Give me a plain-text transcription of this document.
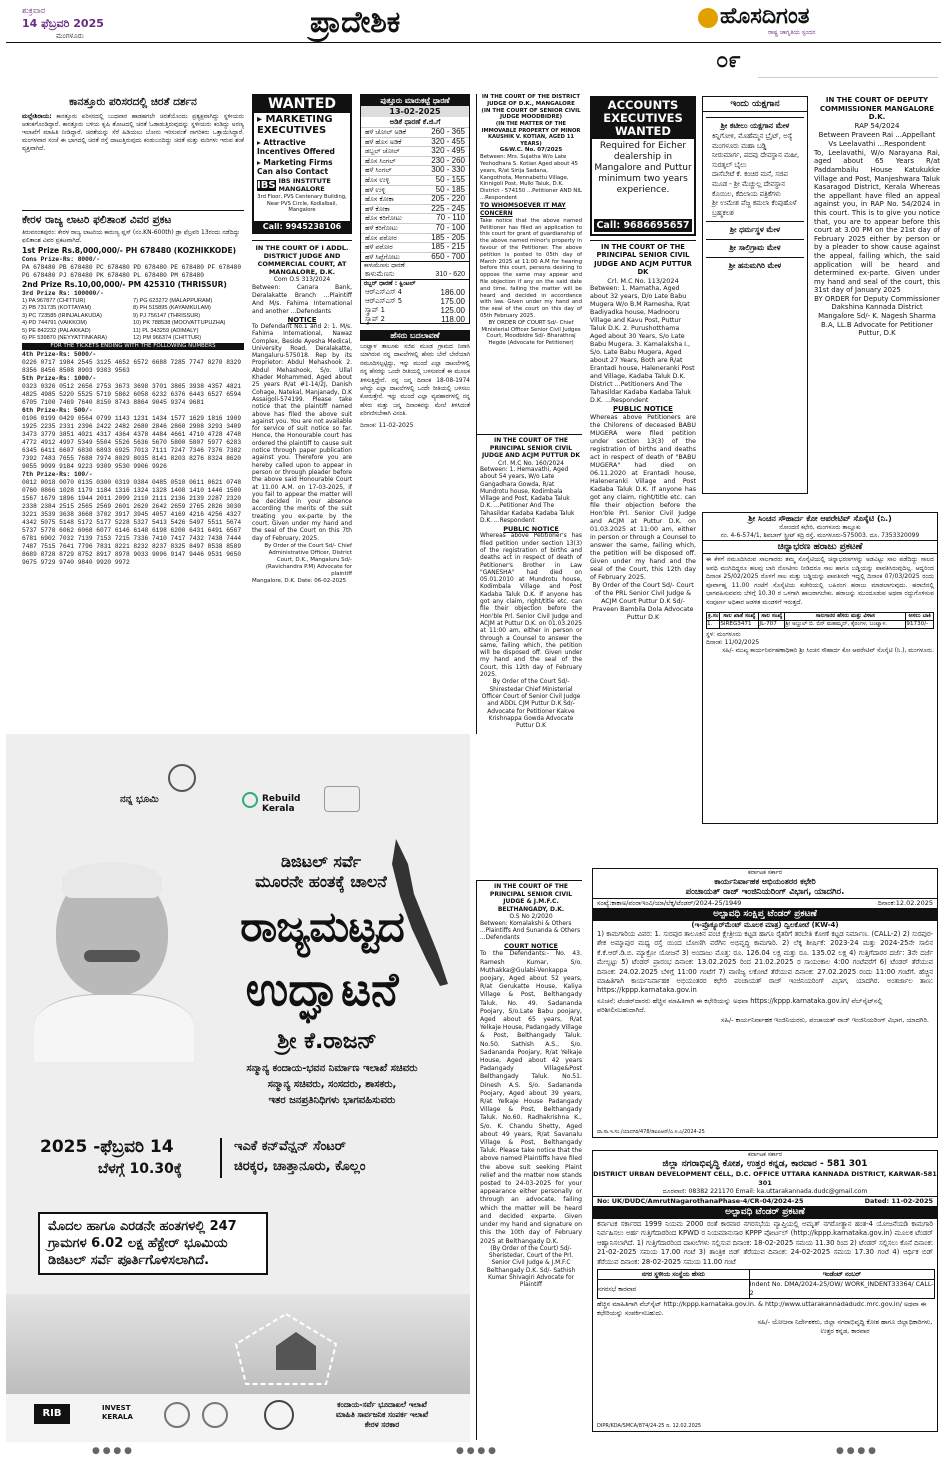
ಶುಕ್ರವಾರ
14 ಫೆಬ್ರವರಿ 2025
ಮಂಗಳೂರು	ಪ್ರಾದೇಶಿಕ	ಹೊಸದಿಗಂತ
ರಾಷ್ಟ್ರ ಜಾಗೃತಿಯ ಸ್ಪಂದನ
೦೯
ಕಾನತ್ತೂರು ಪರಿಸರದಲ್ಲಿ ಚಿರತೆ ದರ್ಶನ
ಮಲ್ಲೇಶಿರಾಯ: ಕಾನತ್ತೂರು ಪರಿಸರದಲ್ಲಿ ಬುಧವಾರ ಹಾಡಹಗಲೇ ಚಿರತೆಯೊಂದು ಪ್ರತ್ಯಕ್ಷವಾಗಿದ್ದು ಸ್ಥಳೀಯರು ಆತಂಕಗೊಂಡಿದ್ದಾರೆ. ಕಾನತ್ತೂರು ಬಳಿಯ ಕೃಷಿ ತೋಟದಲ್ಲಿ ಚಿರತೆ ಓಡಾಡುತ್ತಿರುವುದನ್ನು ಸ್ಥಳೀಯರು ಕಂಡಿದ್ದು ಅರಣ್ಯ ಇಲಾಖೆಗೆ ಮಾಹಿತಿ ನೀಡಿದ್ದಾರೆ. ಚಿರತೆಯನ್ನು ಸೆರೆ ಹಿಡಿಯಲು ಬೋನು ಇರಿಸುವಂತೆ ನಾಗರಿಕರು ಒತ್ತಾಯಿಸಿದ್ದಾರೆ. ಮಂಗಳವಾರ ಸಂಜೆ ಈ ಭಾಗದಲ್ಲಿ ಚಿರತೆ ರಸ್ತೆ ದಾಟುತ್ತಿರುವುದು ಕಂಡುಬಂದಿದ್ದು ಚಿರತೆ ಮತ್ತು ಮರಿಗಳು ಇರುವ ಶಂಕೆ ವ್ಯಕ್ತವಾಗಿದೆ.
ಕೇರಳ ರಾಜ್ಯ ಲಾಟರಿ ಫಲಿತಾಂಶ ವಿವರ ಪ್ರಕಟ
ತಿರುವನಂತಪುರಂ: ಕೇರಳ ರಾಜ್ಯ ಲಾಟರಿಯ ಕಾರುಣ್ಯ ಪ್ಲಸ್ (ನಂ.KN-600th) ಡ್ರಾ ಫೆಬ್ರವರಿ 13ರಂದು ನಡೆದಿದ್ದು ಫಲಿತಾಂಶ ವಿವರ ಪ್ರಕಟವಾಗಿದೆ.
1st Prize Rs.8,000,000/- PH 678480 (KOZHIKKODE)
Cons Prize-Rs: 8000/-
PA 678480 PB 678480 PC 678480 PD 678480 PE 678480 PF 678480 PG 678480 PJ 678480 PK 678480 PL 678480 PM 678480
2nd Prize Rs.10,00,000/- PM 425310 (THRISSUR)
3rd Prize Rs: 100000/-
1) PA 967877 (CHITTUR)	7) PG 623272 (MALAPPURAM)
2) PB 731735 (KOTTAYAM)	8) PH 515895 (KAYAMKULAM)
3) PC 723585 (IRINJALAKUDA)	9) PJ 756147 (THRISSUR)
4) PD 744791 (VAIKKOM)	10) PK 788538 (MOOVATTUPUZHA)
5) PE 842232 (PALAKKAD)	11) PL 343259 (ADIMALY)
6) PF 539870 (NEYYATTINKARA)	12) PM 966374 (CHITTUR)
FOR THE TICKETS ENDING WITH THE FOLLOWING NUMBERS
4th Prize-Rs: 5000/-
0226 0717 1984 2545 3125 4652 6572 6688 7285 7747 8270 8329 8356 8456 8508 8903 9303 9563
5th Prize-Rs: 1000/-
0323 0326 0512 2656 2753 3673 3698 3701 3865 3938 4357 4821 4825 4985 5220 5525 5719 5862 6058 6232 6376 6443 6527 6594 6705 7100 7469 7640 8150 8743 8864 9045 9374 9681
6th Prize-Rs: 500/-
0106 0199 0429 0564 0799 1143 1231 1434 1577 1629 1816 1909 1925 2235 2331 2396 2422 2482 2680 2846 2860 2908 3293 3409 3473 3779 3851 4021 4317 4364 4378 4484 4661 4710 4728 4748 4772 4912 4997 5349 5504 5526 5636 5670 5800 5807 5977 6283 6345 6411 6607 6830 6893 6925 7013 7111 7247 7346 7376 7382 7392 7483 7655 7688 7974 8029 8035 8141 8203 8276 8324 8620 9055 9099 9184 9223 9309 9530 9906 9926
7th Prize-Rs: 100/-
0012 0018 0070 0135 0300 0319 0384 0485 0510 0611 0621 0748 0760 0866 1028 1179 1184 1316 1324 1328 1408 1410 1446 1500 1567 1679 1896 1944 2011 2099 2110 2111 2136 2139 2287 2320 2338 2384 2515 2565 2569 2601 2620 2642 2659 2765 2826 3030 3221 3539 3638 3668 3702 3917 3945 4057 4169 4216 4256 4327 4342 5075 5148 5172 5177 5228 5327 5413 5426 5497 5511 5674 5737 5778 6062 6068 6077 6146 6148 6198 6200 6431 6491 6567 6781 6902 7032 7139 7153 7215 7336 7410 7417 7432 7438 7444 7487 7515 7641 7796 7831 8221 8232 8237 8325 8497 8538 8589 8689 8728 8729 8752 8917 8978 9033 9096 9147 9446 9531 9650 9675 9729 9740 9840 9920 9972
WANTED
▸ MARKETING EXECUTIVES
▸ Attractive Incentives Offered
▸ Marketing Firms Can also Contact
IBS IBS INSTITUTE MANGALORE
3rd Floor, PVS Centenary Building, Near PVS Circle, Kodialbail, Mangalore
Call: 9945238106
IN THE COURT OF I ADDL. DISTRICT JUDGE AND COMMERCIAL COURT, AT MANGALORE, D.K.
Com O.S 313/2024
Between: Canara Bank, Deralakatte Branch ...Plaintiff And M/s. Fahima International and another ...Defendants
NOTICE
To Defendant No.1 and 2: 1. M/s. Fahima International, Nawaz Complex, Beside Ayesha Medical, University Road, Deralakatte, Mangaluru-575018. Rep by its Proprietor: Abdul Mehashook 2. Abdul Mehashook, S/o. Ullal Khader Mohammed, Aged about 25 years R/at #1-14/2J, Danish Cohage, Natekal, Manjanady, D.K Assaigoli-574199. Please take notice that the plaintiff named above has filed the above suit against you. You are not available for service of suit notice so far. Hence, the Honourable court has ordered the plaintiff to cause suit notice through paper publication against you. Therefore you are hereby called upon to appear in person or through pleader before the above said Honourable Court at 11.00 A.M. on 17-03-2025, if you fail to appear the matter will be decided in your absence according the merits of the suit treating you ex-parte by the court. Given under my hand and the seal of the Court on this 7th day of February, 2025.
By Order of the Court Sd/- Chief Administrative Officer, District Court, D.K., Mangaluru Sd/- (Ravichandra P.M) Advocate for plaintiff
Mangalore, D.K. Date: 06-02-2025
ಪುತ್ತೂರು ಮಾರುಕಟ್ಟೆ ಧಾರಣೆ
13-02-2025
ಅಡಿಕೆ ಧಾರಣೆ ಕೆ.ಜಿ.ಗೆ
ಹಳೆ ಚೋಲ್ ಅಡಿಕೆ	260 - 365
ಹಳೆ ಹೊಸ ಅಡಿಕೆ	320 - 455
ಡಬ್ಬಲ್ ಚೋಲ್	320 - 495
ಹೊಸ ಸಿಂಗಲ್	230 - 260
ಹಳೆ ಸಿಂಗಲ್	300 - 330
ಹೊಸ ಉಳ್ಳಿ	50 - 155
ಹಳೆ ಉಳ್ಳಿ	50 - 185
ಹೊಸ ಕೋಕಾ	205 - 220
ಹಳೆ ಕೋಕಾ	225 - 245
ಹೊಸ ಕರಿಗೋಟು	70 - 110
ಹಳೆ ಕರಿಗೋಟು	70 - 100
ಹೊಸ ಪಠೋರ	185 - 205
ಹಳೆ ಪಠೋರ	185 - 215
ಹಳೆ ಸಿಪ್ಪೆಗೋಟು	650 - 700
ಕಾಳುಮೆಣಸು ಧಾರಣೆ
ಕಾಳುಮೆಣಸು	310 - 620
ರಬ್ಬರ್ ಧಾರಣೆ : ಕ್ವಿಂಟಲ್
ಆರ್‌ಎಸ್‌ಎಸ್ 4	186.00
ಆರ್‌ಎಸ್‌ಎಸ್ 5	175.00
ಸ್ಕ್ರಾಪ್ 1	125.00
ಸ್ಕ್ರಾಪ್ 2	118.00
ಹೆಸರು ಬದಲಾವಣೆ
ಬಂಟ್ವಾಳ ತಾಲೂಕು ಸಜಿಪ ಮೂಡ ಗ್ರಾಮದ ನಿವಾಸಿ ಯಾಗಿರುವ ನನ್ನ ದಾಖಲೆಗಳಲ್ಲಿ ಹೆಸರು ಬೇರೆ ಬೇರೆಯಾಗಿ ನಮೂದಿಸಲ್ಪಟ್ಟಿದ್ದು, ಇನ್ನು ಮುಂದೆ ಎಲ್ಲಾ ದಾಖಲೆಗಳಲ್ಲಿ ನನ್ನ ಹೆಸರನ್ನು ಒಂದೇ ರೀತಿಯಲ್ಲಿ ಬಳಸುವಂತೆ ಈ ಮೂಲಕ ತಿಳಿಸುತ್ತಿದ್ದೇನೆ. ನನ್ನ ಜನ್ಮ ದಿನಾಂಕ 18-08-1974 ಆಗಿದ್ದು ಎಲ್ಲಾ ದಾಖಲೆಗಳಲ್ಲಿ ಒಂದೇ ರೀತಿಯಲ್ಲಿ ಬಳಸಲು ಕೋರುತ್ತೇನೆ. ಇನ್ನು ಮುಂದೆ ಎಲ್ಲಾ ವ್ಯವಹಾರಗಳಲ್ಲಿ ನನ್ನ ಹೆಸರು ಮತ್ತು ಜನ್ಮ ದಿನಾಂಕವನ್ನು ಮೇಲೆ ತಿಳಿಸಿದಂತೆ ಪರಿಗಣಿಸಬೇಕಾಗಿ ವಿನಂತಿ.
ದಿನಾಂಕ: 11-02-2025
IN THE COURT OF THE DISTRICT JUDGE OF D.K., MANGALORE
(IN THE COURT OF SENIOR CIVIL JUDGE MOODBIDRE)
(IN THE MATTER OF THE IMMOVABLE PROPERTY OF MINOR KAUSHIK V. KOTIAN, AGED 11 YEARS)
G&W.C. No. 07/2025
Between: Mrs. Sujatha W/o Late Yeshodhara S. Kotian Aged about 45 years, R/at Sirija Sadana, Kangothota, Mennabettu Village, Kinnigoli Post, Mulki Taluk, D.K. District - 574150 ...Petitioner AND NIL ...Respondent
TO WHOMSOEVER IT MAY CONCERN
Take notice that the above named Petitioner has filed an application to this court for grant of guardianship of the above named minor's property in favour of the Petitioner. The above petition is posted to 05th day of March 2025 at 11:00 A.M for hearing before this court, persons desiring to oppose the same may appear and file objection if any on the said date and time, failing the matter will be heard and decided in accordance with law. Given under my hand and the seal of the court on this day of 05th February 2025.
BY ORDER OF COURT Sd/- Chief Ministerial Officer Senior Civil Judges Court, Moodbidre Sd/- Bharathraj Hegde (Advocate for Petitioner)
IN THE COURT OF THE PRINCIPAL SENIOR CIVIL JUDGE AND ACJM PUTTUR DK
Crl. M.C No. 160/2024
Between: 1. Hemavathi, Aged about 54 years, W/o Late Gangadhara Gowda, R/at Mundrotu house, Kodimbala Village and Post, Kadaba Taluk D.K. ...Petitioner And The Tahasildar Kadaba Kadaba Taluk D.K. ...Respondent
PUBLIC NOTICE
Whereas above Petitioner's has filed petition under section 13(3) of the registration of births and deaths act in respect of death of Petitioner's Brother in Law "GANESHA" had died on 05.01.2010 at Mundrotu house, Kodimbala Village and Post Kadaba Taluk D.K. If anyone has got any claim, right/title etc. can file their objection before the Hon'ble Prl. Senior Civil Judge and ACJM at Puttur D.K. on 01.03.2025 at 11:00 am, either in person or through a Counsel to answer the same, failing which, the petition will be disposed off. Given under my hand and the seal of the Court, this 12th day of February 2025.
By Order of the Court Sd/- Shirestedar Chief Ministerial Officer Court of Senior Civil Judge and ADDL CJM Puttur D.K Sd/- Advocate for Petitioner Kakve Krishnappa Gowda Advocate Puttur D.K
IN THE COURT OF THE PRINCIPAL SENIOR CIVIL JUDGE & J.M.F.C. BELTHANGADY, D.K.
O.S No 2/2020
Between: Komalakshi & Others ...Plaintiffs And Sunanda & Others ...Defendants
COURT NOTICE
To the Defendants:- No. 43. Ramesh Kumar, S/o. Muthakka@Gulabi-Venkappa poojary, Aged about 52 years, R/at Gerukatte House, Kaliya Village & Post, Belthangady Taluk. No. 49. Sadananda Poojary, S/o.Late Babu poojary, Aged about 65 years, R/at Yelkaje House, Padangady Village & Post, Belthangady Taluk. No.50. Sathish A.S., S/o. Sadananda Poojary, R/at Yelkaje House, Aged about 42 years Padangady Village&Post Belthangady Taluk. No.51. Dinesh A.S. S/o. Sadananda Poojary, Aged about 39 years, R/at Yelkaje House Padangady Village & Post, Belthangady Taluk. No.60. Radhakrishna K., S/o. K. Chandu Shetty, Aged about 49 years, R/at Savanalu Village & Post, Belthangady Taluk. Please take notice that the above named Plaintiffs have filed the above suit seeking Plaint relief and the matter now stands posted to 24-03-2025 for your appearance either personally or through an advocate, failing which the matter will be heard and decided exparte. Given under my hand and signature on this the 10th day of February 2025 at Belthangady D.K.
(By Order of the Court) Sd/- Sheristedar, Court of the Prl. Senior Civil Judge & J.M.F.C Belthangady D.K. Sd/- Sathish Kumar Shivagiri Advocate for Plaintiff
ACCOUNTS EXECUTIVES WANTED
Required for Eicher dealership in Mangalore and Puttur minimum two years experience.
Call: 9686695657
IN THE COURT OF THE PRINCIPAL SENIOR CIVIL JUDGE AND ACJM PUTTUR DK
Crl. M.C No. 113/2024
Between: 1. Mamatha, Aged about 32 years, D/o Late Babu Mugera W/o B.M Ramesha, R/at Badiyadka house, Madnooru Village and Kavu Post, Puttur Taluk D.K. 2. Purushotthama Aged about 30 Years, S/o Late Babu Mugera. 3. Kamalaksha I., S/o. Late Babu Mugera, Aged about 27 Years, Both are R/at Erantadi house, Haleneranki Post and Village, Kadaba Taluk D.K. District ...Petitioners And The Tahasildar Kadaba Kadaba Taluk D.K. ...Respondent
PUBLIC NOTICE
Whereas above Petitioners are the Chilorens of deceased BABU MUGERA were filed petition under section 13(3) of the registration of births and deaths act in respect of death of "BABU MUGERA" had died on 06.11.2020 at Erantadi house, Haleneranki Village and Post Kadaba Taluk D.K. If anyone has got any claim, right/title etc. can file their objection before the Hon'ble Prl. Senior Civil Judge and ACJM at Puttur D.K. on 01.03.2025 at 11:00 am, either in person or through a Counsel to answer the same, failing which, the petition will be disposed off. Given under my hand and the seal of the Court, this 12th day of February 2025.
By Order of the Court Sd/- Court of the PRL Senior Civil Judge & ACJM Court Puttur D.K Sd/- Praveen Bambila Dola Advocate Puttur D.K
ಇಂದು ಯಕ್ಷಗಾನ
ಶ್ರೀ ಕಟೀಲು ಯಕ್ಷಗಾನ ಮೇಳ
ಕಿನ್ನಿಗೋಳಿ, ಮೊಹೆಮ್ಮನ ಬ್ರೈಟ್, ಅಸ್ಯೆ ಮಂಗಳೂರು ಮಹಾ ಬಡ್ಡಿ
ನೀರುಮಾರ್ಗ, ಪದವು ದೇವಸ್ಥಾನ ಮಹೀ, ಸುರತ್ಕಲ್ ಬೈಲು
ದಾಸೆಬೇಟೆ ಕೆ. ಕಂಚಿರ ಮನೆ, ಸಜಿಪ ಮೂಡ - ಶ್ರೀ ಮೆಚ್ಚುಲ್ಲ ದೇವಸ್ಥಾನ
ಕೊಯಿಲ, ಕೆದಿಲಾಯ ಪತ್ರಿಕೆಗಳು
ಶ್ರೀ ಉಮೇಶ ಪೆಜ್ಜ ಕಮಲಾ ಕೆಂಪುಹೊಳೆ ಬ್ರಹ್ಮಕಲಶ
ಶ್ರೀ ಧರ್ಮಸ್ಥಳ ಮೇಳ
ಶ್ರೀ ಸಾಲಿಗ್ರಾಮ ಮೇಳ
ಶ್ರೀ ಹನುಮಗಿರಿ ಮೇಳ
IN THE COURT OF DEPUTY COMMISSIONER MANGALORE D.K.
RAP 54/2024
Between Praveen Rai ...Appellant Vs Leelavathi ...Respondent
To, Leelavathi, W/o Narayana Rai, aged about 65 Years R/at Paddambailu House Katukukke Village and Post, Manjeshwara Taluk Kasaragod District, Kerala Whereas the appellant have filed an appeal against you, in RAP No. 54/2024 in this court. This is to give you notice that, you are to appear before this court at 3.00 PM on the 21st day of February 2025 either by person or by a pleader to show cause against the appeal, failing which, the said application will be heard and determined ex-parte. Given under my hand and seal of the court, this 31st day of January 2025
BY ORDER for Deputy Commissioner Dakshina Kannada District Mangalore Sd/- K. Nagesh Sharma B.A, LL.B Advocate for Petitioner Puttur, D.K
ಶ್ರೀ ಸಿಂಚನ ಸೌಹಾರ್ದ ಕೋ ಆಪರೇಟಿವ್ ಸೊಸೈಟಿ (ನಿ.)
ನೋಂದಣಿ ಕಛೇರಿ, ಮಂಗಳೂರು ತಾಲ್ಲೂಕು
ನಂ. 4-6-574/1, ಶಿವಬಾಗ್ ಸ್ಟ್ರೀಟ್ ಕದ್ರಿ ರಸ್ತೆ, ಮಂಗಳೂರು-575003. ದೂ. 7353320099
ಚಿನ್ನಾಭರಣ ಹರಾಜು ಪ್ರಕಟಣೆ
ಈ ಕೆಳಗೆ ನಮೂದಿಸಿರುವ ಸಾಲಗಾರರು ತಮ್ಮ ಸೊಸೈಟಿಯಲ್ಲಿ ಚಿನ್ನಾಭರಣಗಳನ್ನು ಅಡವಿಟ್ಟು ಸಾಲ ಪಡೆದಿದ್ದು ಸಾಲದ ಅವಧಿ ಮುಗಿದಿದ್ದರೂ ಹಲವು ಬಾರಿ ನೋಟೀಸು ನೀಡಿದರೂ ಸಾಲ ಹಾಗೂ ಬಡ್ಡಿಯನ್ನು ಪಾವತಿಸಿರುವುದಿಲ್ಲ. ಆದ್ದರಿಂದ ದಿನಾಂಕ 25/02/2025 ರೊಳಗೆ ಸಾಲ ಮತ್ತು ಬಡ್ಡಿಯನ್ನು ಪಾವತಿಸದೇ ಇದ್ದಲ್ಲಿ ದಿನಾಂಕ 07/03/2025 ರಂದು ಪೂರ್ವಾಹ್ನ 11.00 ಗಂಟೆಗೆ ಸೊಸೈಟಿಯ ಕಚೇರಿಯಲ್ಲಿ ಬಹಿರಂಗ ಹರಾಜು ಮಾಡಲಾಗುವುದು. ಹರಾಜಿನಲ್ಲಿ ಭಾಗವಹಿಸುವವರು ಬೆಳಿಗ್ಗೆ 10.30 ರ ಒಳಗಾಗಿ ಹಾಜರಾಗಬೇಕು. ಹರಾಜನ್ನು ಮುಂದೂಡುವ ಅಥವಾ ರದ್ದುಗೊಳಿಸುವ ಸಂಪೂರ್ಣ ಅಧಿಕಾರ ಆಡಳಿತ ಮಂಡಳಿಗೆ ಇರುತ್ತದೆ.
ಕ್ರ.ಸಂ	ಸಾಲ ಖಾತೆ ಸಂಖ್ಯೆ	ಸಾಲ ಸಂಖ್ಯೆ	ಸಾಲಗಾರರ ಹೆಸರು ಮತ್ತು ವಿಳಾಸ	ಅಸಲು ಬಾಕಿ
1.	SIREG3471	JL-707	ಶ್ರೀ ಅಬ್ದುಲ್ ಬಿ. ಬಿನ್ ಮಹಮ್ಮದ್, ಕೈರಂಗಳ, ಬಂಟ್ವಾಳ.	91730/-
ಸ್ಥಳ: ಮಂಗಳೂರು
ದಿನಾಂಕ: 11/02/2025
ಸಹಿ/- ಮುಖ್ಯ ಕಾರ್ಯನಿರ್ವಹಣಾಧಿಕಾರಿ ಶ್ರೀ ಸಿಂಚನ ಸೌಹಾರ್ದ ಕೋ ಆಪರೇಟಿವ್ ಸೊಸೈಟಿ (ನಿ.), ಮಂಗಳೂರು.
ಕರ್ನಾಟಕ ಸರ್ಕಾರ
ಕಾರ್ಯನಿರ್ವಾಹಕ ಅಭಿಯಂತರರ ಕಛೇರಿ
ಪಂಚಾಯತ್ ರಾಜ್ ಇಂಜಿನಿಯರಿಂಗ್ ವಿಭಾಗ, ಯಾದಗಿರ.
ಸಂಖ್ಯೆ:ಕಾಕಾಅ/ಪಂರಾಇಂವಿ/ಯಾ/ಲೆಕ್ಕ/ಟೆಂಡರ್/2024-25/1949	ದಿನಾಂಕ:12.02.2025
ಅಲ್ಪಾವಧಿ ಸಂಕ್ಷಿಪ್ತ ಟೆಂಡರ್ ಪ್ರಕಟಣೆ
(ಇ-ಪ್ರೊಕ್ಯೂರ್‌ಮೆಂಟ್ ಮೂಲಕ ಮಾತ್ರ) ದ್ವಿಲಕೋಟೆ (KW-4)
1) ಕಾಮಗಾರಿಯ ವಿವರ: 1. ಸುರಪುರ ತಾಲೂಕಿನ ಪಂಚ ಕ್ಷೇತ್ರೀಯ ಕಟ್ಟಡ ಹಾಗೂ ರೈತರಿಗೆ ತರಬೇತಿ ಕೋಣೆ ಕಟ್ಟಡ ನಿರ್ಮಾಣ. (CALL-2) 2) ಸುರಪುರ-ಶೇಕ ಅಮ್ಮಾಪುರ ಮಧ್ಯ ರಸ್ತೆ ಯಿಂದ ಬೋಣಿಗಿ ವರೆಗಿನ ಅಭಿವೃದ್ಧಿ ಕಾಮಗಾರಿ. 2) ಲೆಕ್ಕ ಶೀರ್ಷಿಕೆ: 2023-24 ಮತ್ತು 2024-25ನೇ ಸಾಲಿನ ಕೆ.ಕೆ.ಆರ್.ಡಿ.ಬಿ. ಮ್ಯಾಕ್ರೋ ಯೋಜನೆ 3) ಅಂದಾಜು ಮೊತ್ತ: ರೂ. 126.04 ಲಕ್ಷ ಮತ್ತು ರೂ. 135.02 ಲಕ್ಷ 4) ಗುತ್ತಿಗೆದಾರರ ದರ್ಜೆ: 3ನೇ ದರ್ಜೆ ಮೇಲ್ಪಟ್ಟು 5) ಟೆಂಡರ್ ಪ್ರಾರಂಭ ದಿನಾಂಕ: 13.02.2025 ರಿಂದ 21.02.2025 ರ ಸಾಯಂಕಾಲ 4:00 ಗಂಟೆವರೆಗೆ 6) ಟೆಂಡರ್ ತೆರೆಯುವ ದಿನಾಂಕ: 24.02.2025 ಬೆಳಿಗ್ಗೆ 11:00 ಗಂಟೆಗೆ 7) ವಾಣಿಜ್ಯ ಲಕೋಟೆ ತೆರೆಯುವ ದಿನಾಂಕ: 27.02.2025 ರಂದು 11:00 ಗಂಟೆಗೆ. ಹೆಚ್ಚಿನ ಮಾಹಿತಿಗಾಗಿ ಕಾರ್ಯನಿರ್ವಾಹಕ ಅಭಿಯಂತರರ ಕಛೇರಿ ಪಂಚಾಯತ್ ರಾಜ್ ಇಂಜಿನಿಯರಿಂಗ್ ವಿಭಾಗ, ಯಾದಗಿರ. ಅಂತರ್ಜಾಲ ತಾಣ: https://kppp.karnataka.gov.in
ಸೂಚನೆ: ಟೆಂಡರ್‌ದಾರರು ಹೆಚ್ಚಿನ ಮಾಹಿತಿಗಾಗಿ ಈ ಕಛೇರಿಯನ್ನು ಅಥವಾ https://kppp.karnataka.gov.in/ ವೆಬ್‌ಸೈಟ್‌ನಲ್ಲಿ ಪರಿಶೀಲಿಸಬಹುದಾಗಿದೆ.
ಸಹಿ/- ಕಾರ್ಯನಿರ್ವಾಹಕ ಇಂಜಿನಿಯರರು, ಪಂಚಾಯತ್ ರಾಜ್ ಇಂಜಿನಿಯರಿಂಗ್ ವಿಭಾಗ, ಯಾದಗಿರಿ.
ವಾ.ಸಾ.ಇ.ಸಂ./ಯಾದಗಿರಿ/478/ಡಿಐಪಿಆರ್/ಎ.ಸಿ.ಎ/2024-25
ಕರ್ನಾಟಕ ಸರ್ಕಾರ
ಜಿಲ್ಲಾ ನಗರಾಭಿವೃದ್ಧಿ ಕೋಶ, ಉತ್ತರ ಕನ್ನಡ, ಕಾರವಾರ - 581 301
DISTRICT URBAN DEVELOPMENT CELL, D.C. OFFICE UTTARA KANNADA DISTRICT, KARWAR-581 301
ದೂರವಾಣಿ: 08382 221170 Email: ka.uttarakannada.dudc@gmail.com
No: UK/DUDC/AmrutNagarothanaPhase-4/CR-04/2024-25	Dated: 11-02-2025
ಅಲ್ಪಾವಧಿ ಟೆಂಡರ್ ಪ್ರಕಟಣೆ
ಕರ್ನಾಟಕ ಸರ್ಕಾರದ 1999 ನಿಯಮ 2000 ರಂತೆ ಕಾರವಾರ ನಗರಸಭೆಯ ವ್ಯಾಪ್ತಿಯಲ್ಲಿ ಅಮೃತ್ ನಗರೋತ್ಥಾನ ಹಂತ-4 ಯೋಜನೆಯಡಿ ಕಾಮಗಾರಿ ನಿರ್ವಹಿಸಲು ಅರ್ಹ ಗುತ್ತಿಗೆದಾರರಿಂದ KPWD ರ ನಿಯಮಾನುಸಾರ KPPP ಪೋರ್ಟಲ್ (http://kppp.karnataka.gov.in) ಮೂಲಕ ಟೆಂಡರ್ ಆಹ್ವಾನಿಸಲಾಗಿದೆ. 1) ಗುತ್ತಿಗೆದಾರರಿಂದ ದಾಖಲೆಗಳು ಸಲ್ಲಿಸುವ ದಿನಾಂಕ: 18-02-2025 ಸಮಯ 11.30 ರಿಂದ 2) ಟೆಂಡರ್ ಸಲ್ಲಿಸಲು ಕೊನೆ ದಿನಾಂಕ: 21-02-2025 ಸಮಯ 17.00 ಗಂಟೆ 3) ತಾಂತ್ರಿಕ ಬಿಡ್ ತೆರೆಯುವ ದಿನಾಂಕ: 24-02-2025 ಸಮಯ 17.30 ಗಂಟೆ 4) ಆರ್ಥಿಕ ಬಿಡ್ ತೆರೆಯುವ ದಿನಾಂಕ: 28-02-2025 ಸಮಯ 11.00 ಗಂಟೆ
ನಗರ ಸ್ಥಳೀಯ ಸಂಸ್ಥೆಯ ಹೆಸರು	ಇಂಡೆಂಟ್ ನಂಬರ್
ನಗರಸಭೆ ಕಾರವಾರ	Indent No. DMA/2024-25/OW/ WORK_INDENT33364/ CALL-2
ಹೆಚ್ಚಿನ ಮಾಹಿತಿಗಾಗಿ ವೆಬ್‌ಸೈಟ್ http://kppp.karnataka.gov.in. & http://www.uttarakannadadudc.mrc.gov.in/ ಅಥವಾ ಈ ಕಛೇರಿಯನ್ನು ಸಂಪರ್ಕಿಸಬಹುದು.
ಸಹಿ/- ಯೋಜನಾ ನಿರ್ದೇಶಕರು, ಜಿಲ್ಲಾ ನಗರಾಭಿವೃದ್ಧಿ ಕೋಶ ಹಾಗೂ ಜಿಲ್ಲಾಧಿಕಾರಿಗಳು, ಉತ್ತರ ಕನ್ನಡ, ಕಾರವಾರ
DIPR/KDA/SMCA/874/24-25 ದಿ. 12.02.2025
ನನ್ನ ಭೂಮಿ	Rebuild Kerala
ಡಿಜಿಟಲ್ ಸರ್ವೆ
ಮೂರನೇ ಹಂತಕ್ಕೆ ಚಾಲನೆ
ರಾಜ್ಯಮಟ್ಟದ
ಉದ್ಘಾಟನೆ
ಶ್ರೀ ಕೆ.ರಾಜನ್
ಸನ್ಮಾನ್ಯ ಕಂದಾಯ-ಭವನ ನಿರ್ಮಾಣ ಇಲಾಖೆ ಸಚಿವರು
ಸನ್ಮಾನ್ಯ ಸಚಿವರು, ಸಂಸದರು, ಶಾಸಕರು,
ಇತರ ಜನಪ್ರತಿನಿಧಿಗಳು ಭಾಗವಹಿಸುವರು
2025 -ಫೆಬ್ರವರಿ 14
ಬೆಳಗ್ಗೆ 10.30ಕ್ಕೆ
ಇಎಕೆ ಕನ್‌ವೆನ್ಷನ್ ಸೆಂಟರ್
ಚಿರಕ್ಕರ, ಚಾತ್ತಾನೂರು, ಕೊಲ್ಲಂ
ಮೊದಲ ಹಾಗೂ ಎರಡನೇ ಹಂತಗಳಲ್ಲಿ 247 ಗ್ರಾಮಗಳ 6.02 ಲಕ್ಷ ಹೆಕ್ಟೇರ್ ಭೂಮಿಯ ಡಿಜಿಟಲ್ ಸರ್ವೆ ಪೂರ್ತಿಗೊಳಿಸಲಾಗಿದೆ.
RIB	INVEST KERALA
ಕಂದಾಯ-ಸರ್ವೆ ಭೂದಾಖಲೆ ಇಲಾಖೆ
ಮಾಹಿತಿ ಸಾರ್ವಜನಿಕ ಸಂಪರ್ಕ ಇಲಾಖೆ
ಕೇರಳ ಸರಕಾರ
● ● ● ●	● ● ● ●	● ● ● ●
